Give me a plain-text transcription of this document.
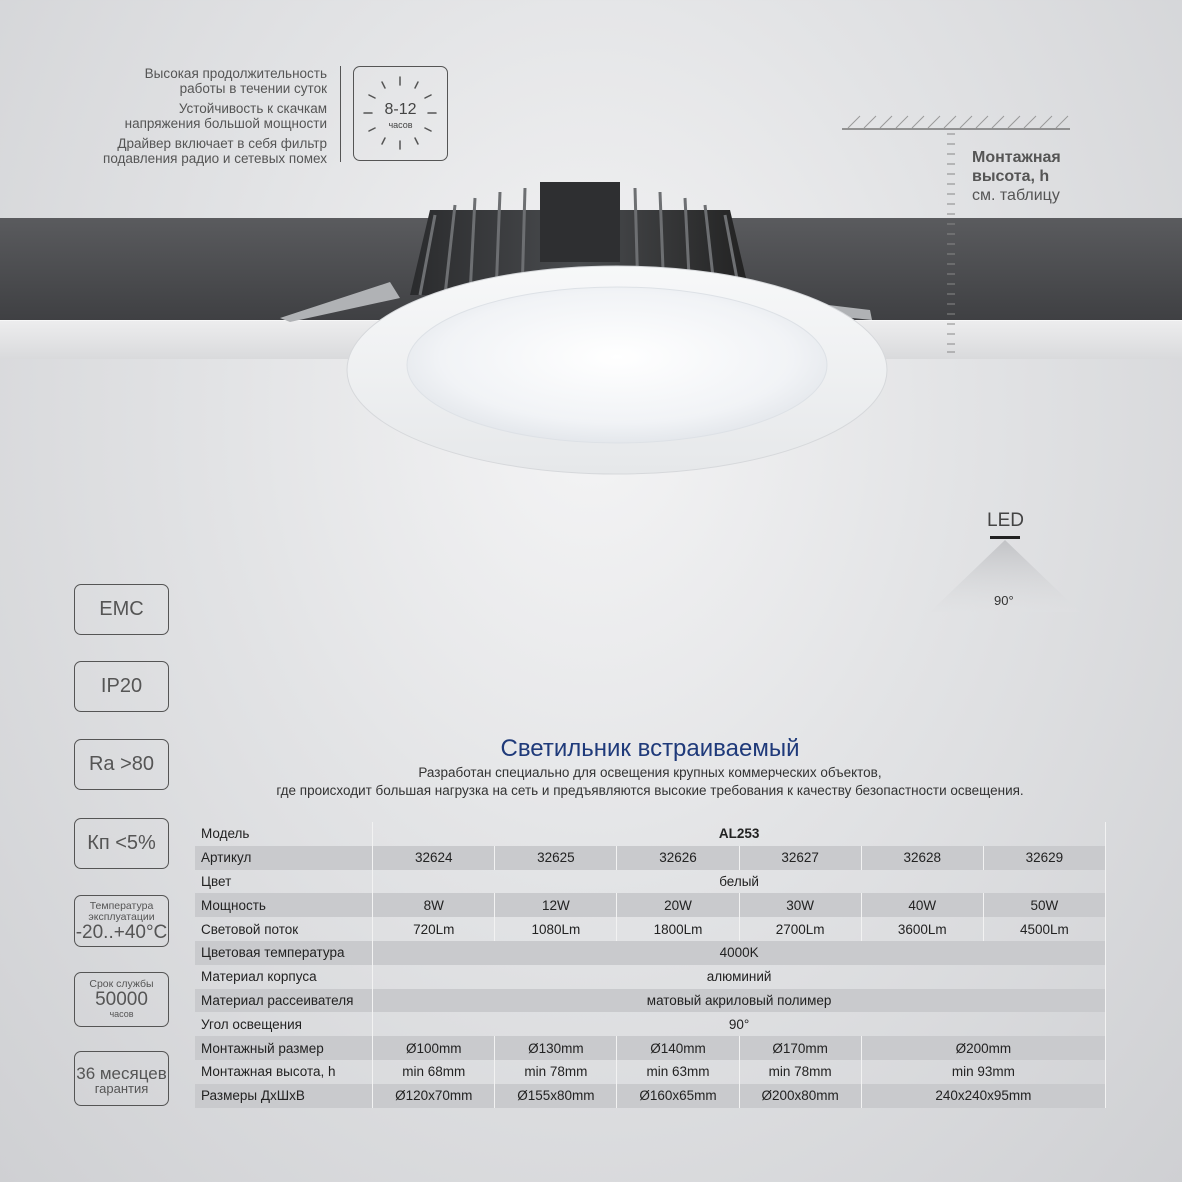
Высокая продолжительность
работы в течении суток
Устойчивость к скачкам
напряжения большой мощности
Драйвер включает в себя фильтр
подавления радио и сетевых помех
8-12
часов
Монтажная
высота, h
см. таблицу
LED
90°
EMC
IP20
Ra >80
Кп <5%
Температура
эксплуатации
-20..+40°C
Срок службы
50000
часов
36 месяцев
гарантия
Светильник встраиваемый
Разработан специально для освещения крупных коммерческих объектов,
где происходит большая нагрузка на сеть и предъявляются высокие требования к качеству безопастности освещения.
Модель	AL253					
Артикул	32624	32625	32626	32627	32628	32629
Цвет	белый					
Мощность	8W	12W	20W	30W	40W	50W
Световой поток	720Lm	1080Lm	1800Lm	2700Lm	3600Lm	4500Lm
Цветовая температура	4000K					
Материал корпуса	алюминий					
Материал рассеивателя	матовый акриловый полимер					
Угол освещения	90°					
Монтажный размер	Ø100mm	Ø130mm	Ø140mm	Ø170mm	Ø200mm	
Монтажная высота, h	min 68mm	min 78mm	min 63mm	min 78mm	min 93mm	
Размеры ДхШхВ	Ø120x70mm	Ø155x80mm	Ø160x65mm	Ø200x80mm	240x240x95mm	
